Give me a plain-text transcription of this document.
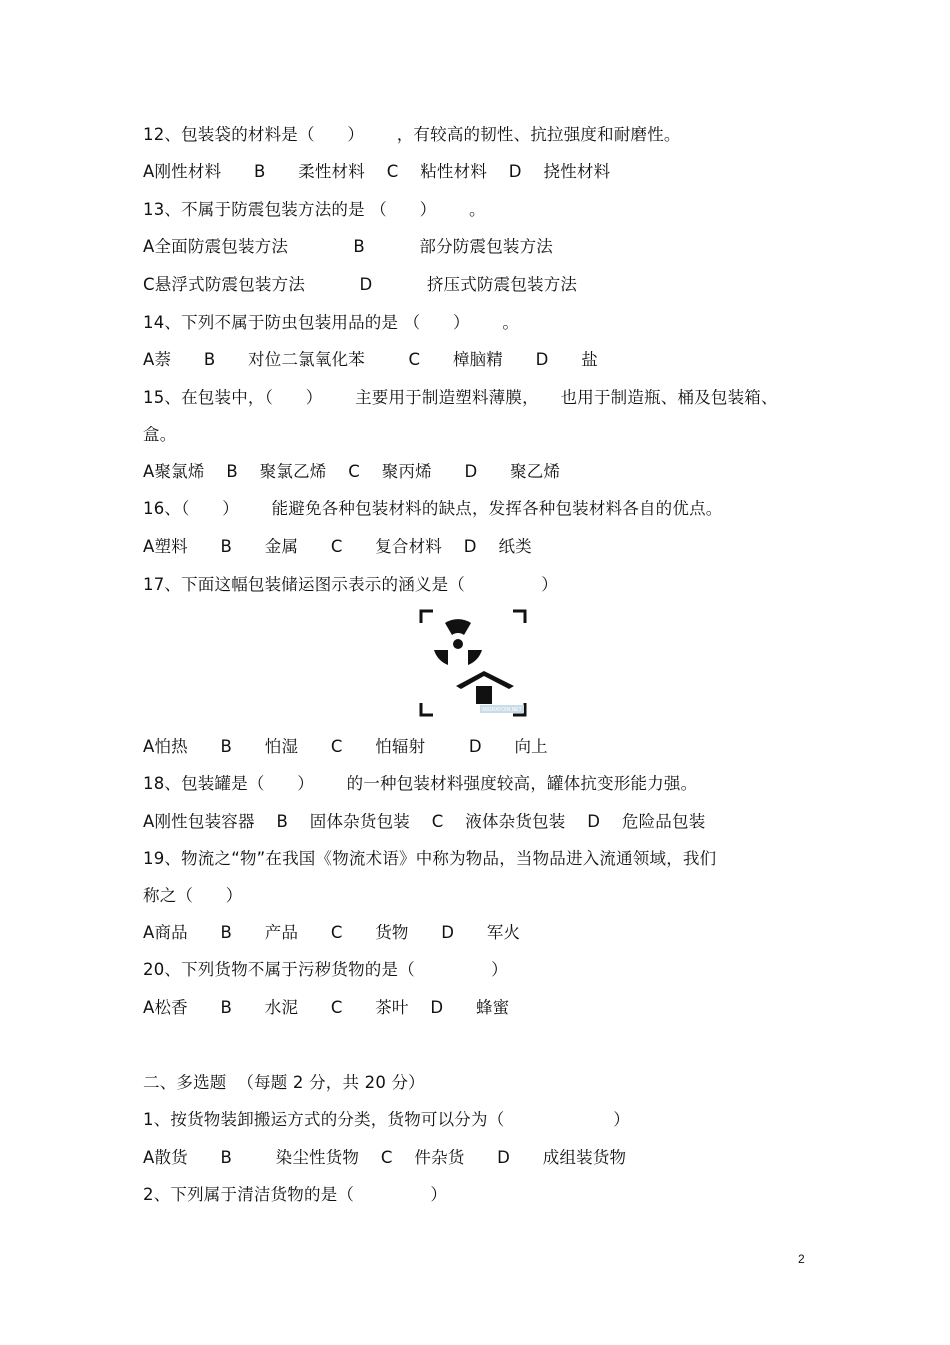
12、包装袋的材料是（      ）      ，有较高的韧性、抗拉强度和耐磨性。
A刚性材料      B      柔性材料    C    粘性材料    D    挠性材料
13、不属于防震包装方法的是 （      ）      。
A全面防震包装方法            B          部分防震包装方法
C悬浮式防震包装方法          D          挤压式防震包装方法
14、下列不属于防虫包装用品的是 （      ）      。
A萘      B      对位二氯氧化苯        C      樟脑精      D      盐
15、在包装中，（      ）      主要用于制造塑料薄膜，    也用于制造瓶、桶及包装箱、
盒。
A聚氯烯    B    聚氯乙烯    C    聚丙烯      D      聚乙烯
16、（      ）      能避免各种包装材料的缺点，发挥各种包装材料各自的优点。
A塑料      B      金属      C      复合材料    D    纸类
17、下面这幅包装储运图示表示的涵义是（              ）
MIGRATOIN.NET
A怕热      B      怕湿      C      怕辐射        D      向上
18、包装罐是（      ）      的一种包装材料强度较高，罐体抗变形能力强。
A刚性包装容器    B    固体杂货包装    C    液体杂货包装    D    危险品包装
19、物流之“物”在我国《物流术语》中称为物品，当物品进入流通领域，我们
称之（      ）
A商品      B      产品      C      货物      D      军火
20、下列货物不属于污秽货物的是（              ）
A松香      B      水泥      C      茶叶    D      蜂蜜
二、多选题  （每题 2 分，共 20 分）
1、按货物装卸搬运方式的分类，货物可以分为（                    ）
A散货      B        染尘性货物    C    件杂货      D      成组装货物
2、下列属于清洁货物的是（              ）
2
